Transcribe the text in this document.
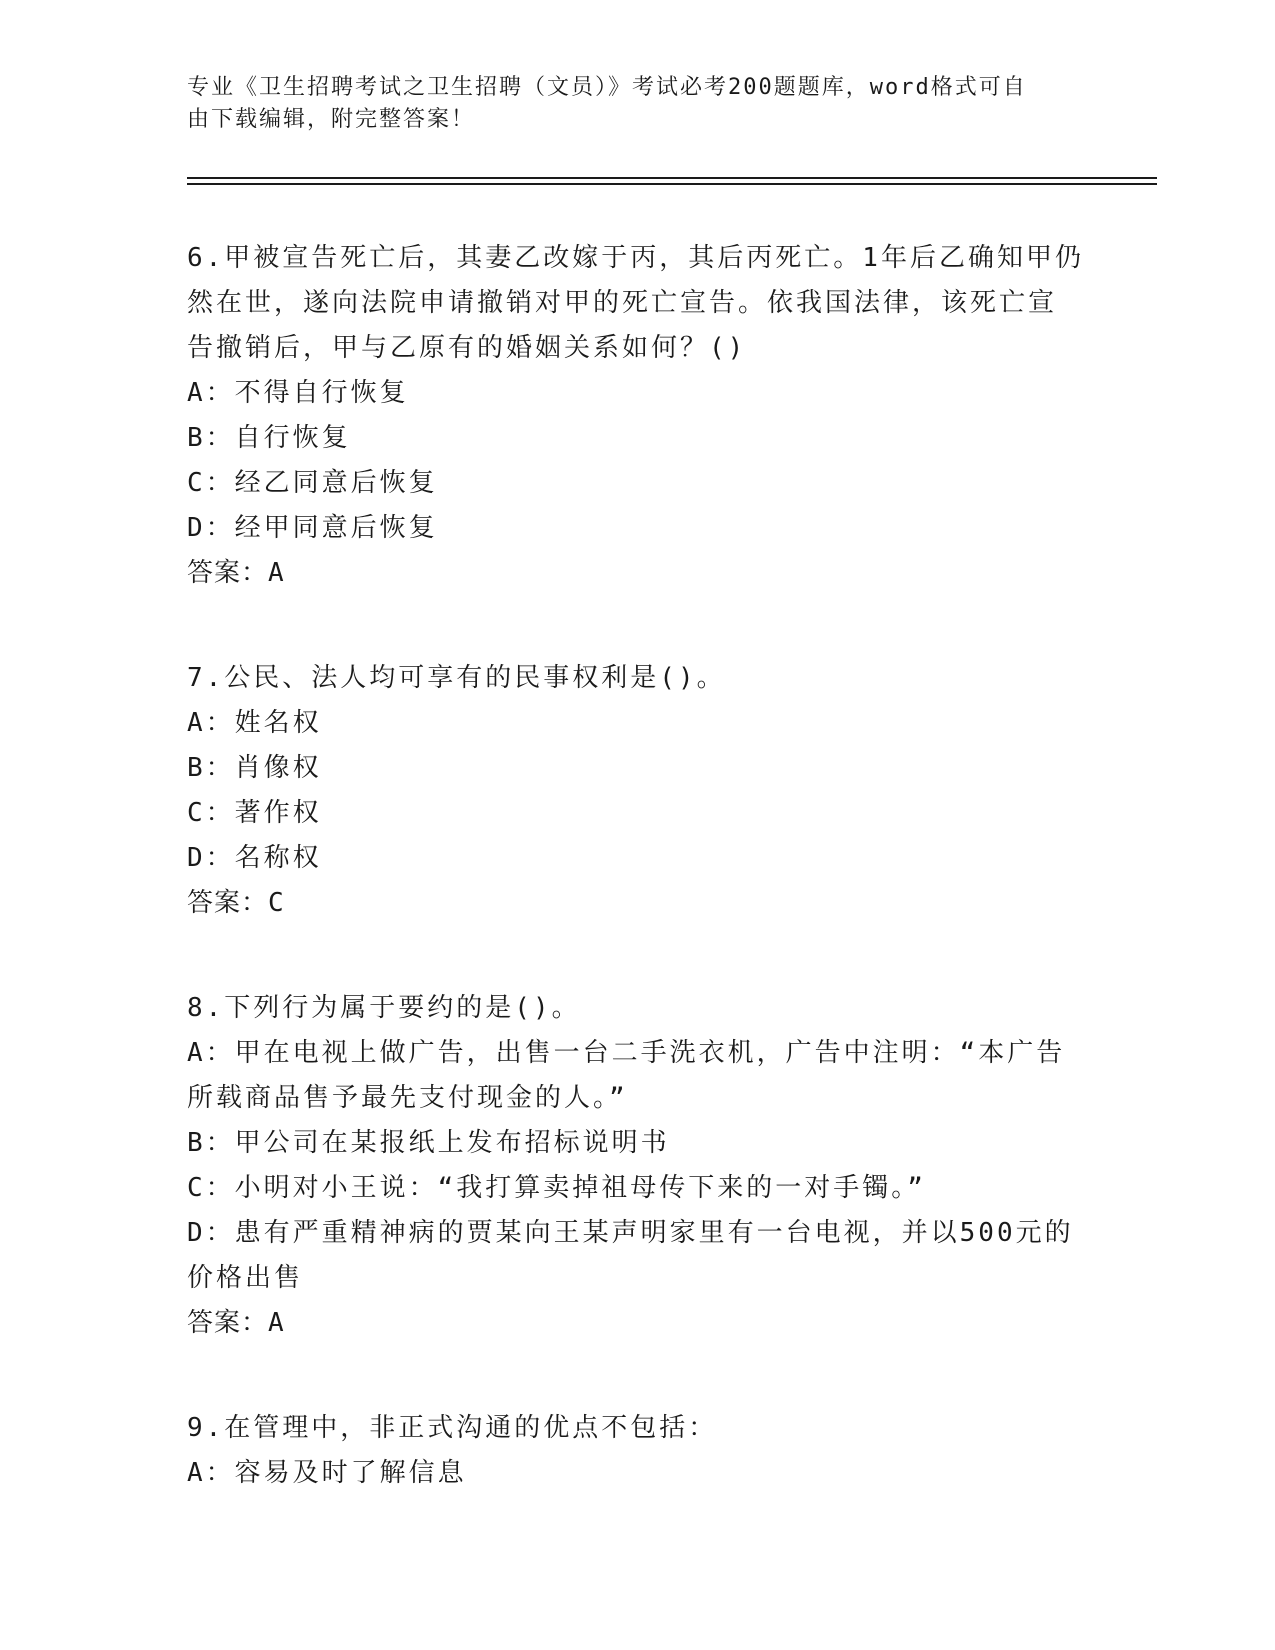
专业《卫生招聘考试之卫生招聘（文员）》考试必考200题题库，word格式可自
由下载编辑，附完整答案！
6.甲被宣告死亡后，其妻乙改嫁于丙，其后丙死亡。1年后乙确知甲仍
然在世，遂向法院申请撤销对甲的死亡宣告。依我国法律，该死亡宣
告撤销后，甲与乙原有的婚姻关系如何？()
A：不得自行恢复
B：自行恢复
C：经乙同意后恢复
D：经甲同意后恢复
答案：A
7.公民、法人均可享有的民事权利是()。
A：姓名权
B：肖像权
C：著作权
D：名称权
答案：C
8.下列行为属于要约的是()。
A：甲在电视上做广告，出售一台二手洗衣机，广告中注明：“本广告
所载商品售予最先支付现金的人。”
B：甲公司在某报纸上发布招标说明书
C：小明对小王说：“我打算卖掉祖母传下来的一对手镯。”
D：患有严重精神病的贾某向王某声明家里有一台电视，并以500元的
价格出售
答案：A
9.在管理中，非正式沟通的优点不包括：
A：容易及时了解信息
